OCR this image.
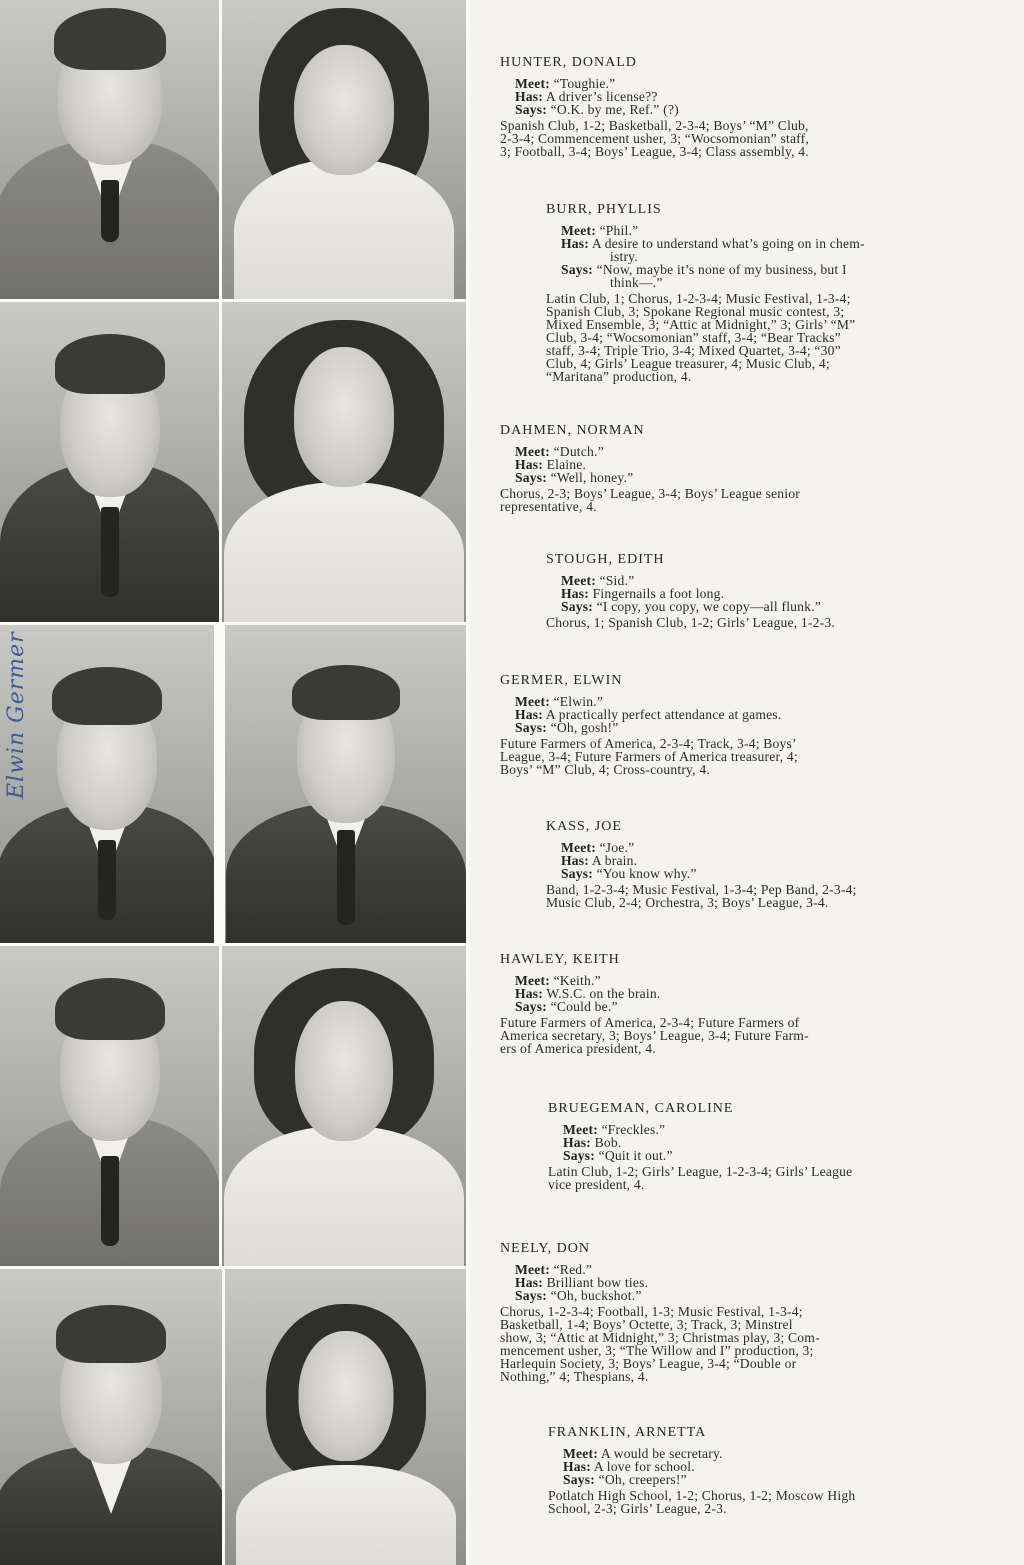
Elwin Germer
HUNTER, DONALD
Meet: “Toughie.”
Has: A driver’s license??
Says: “O.K. by me, Ref.” (?)
Spanish Club, 1-2; Basketball, 2-3-4; Boys’ “M” Club,
2-3-4; Commencement usher, 3; “Wocsomonian” staff,
3; Football, 3-4; Boys’ League, 3-4; Class assembly, 4.
BURR, PHYLLIS
Meet: “Phil.”
Has: A desire to understand what’s going on in chem-
istry.
Says: “Now, maybe it’s none of my business, but I
think—.”
Latin Club, 1; Chorus, 1-2-3-4; Music Festival, 1-3-4;
Spanish Club, 3; Spokane Regional music contest, 3;
Mixed Ensemble, 3; “Attic at Midnight,” 3; Girls’ “M”
Club, 3-4; “Wocsomonian” staff, 3-4; “Bear Tracks”
staff, 3-4; Triple Trio, 3-4; Mixed Quartet, 3-4; “30”
Club, 4; Girls’ League treasurer, 4; Music Club, 4;
“Maritana” production, 4.
DAHMEN, NORMAN
Meet: “Dutch.”
Has: Elaine.
Says: “Well, honey.”
Chorus, 2-3; Boys’ League, 3-4; Boys’ League senior
representative, 4.
STOUGH, EDITH
Meet: “Sid.”
Has: Fingernails a foot long.
Says: “I copy, you copy, we copy—all flunk.”
Chorus, 1; Spanish Club, 1-2; Girls’ League, 1-2-3.
GERMER, ELWIN
Meet: “Elwin.”
Has: A practically perfect attendance at games.
Says: “Oh, gosh!”
Future Farmers of America, 2-3-4; Track, 3-4; Boys’
League, 3-4; Future Farmers of America treasurer, 4;
Boys’ “M” Club, 4; Cross-country, 4.
KASS, JOE
Meet: “Joe.”
Has: A brain.
Says: “You know why.”
Band, 1-2-3-4; Music Festival, 1-3-4; Pep Band, 2-3-4;
Music Club, 2-4; Orchestra, 3; Boys’ League, 3-4.
HAWLEY, KEITH
Meet: “Keith.”
Has: W.S.C. on the brain.
Says: “Could be.”
Future Farmers of America, 2-3-4; Future Farmers of
America secretary, 3; Boys’ League, 3-4; Future Farm-
ers of America president, 4.
BRUEGEMAN, CAROLINE
Meet: “Freckles.”
Has: Bob.
Says: “Quit it out.”
Latin Club, 1-2; Girls’ League, 1-2-3-4; Girls’ League
vice president, 4.
NEELY, DON
Meet: “Red.”
Has: Brilliant bow ties.
Says: “Oh, buckshot.”
Chorus, 1-2-3-4; Football, 1-3; Music Festival, 1-3-4;
Basketball, 1-4; Boys’ Octette, 3; Track, 3; Minstrel
show, 3; “Attic at Midnight,” 3; Christmas play, 3; Com-
mencement usher, 3; “The Willow and I” production, 3;
Harlequin Society, 3; Boys’ League, 3-4; “Double or
Nothing,” 4; Thespians, 4.
FRANKLIN, ARNETTA
Meet: A would be secretary.
Has: A love for school.
Says: “Oh, creepers!”
Potlatch High School, 1-2; Chorus, 1-2; Moscow High
School, 2-3; Girls’ League, 2-3.
